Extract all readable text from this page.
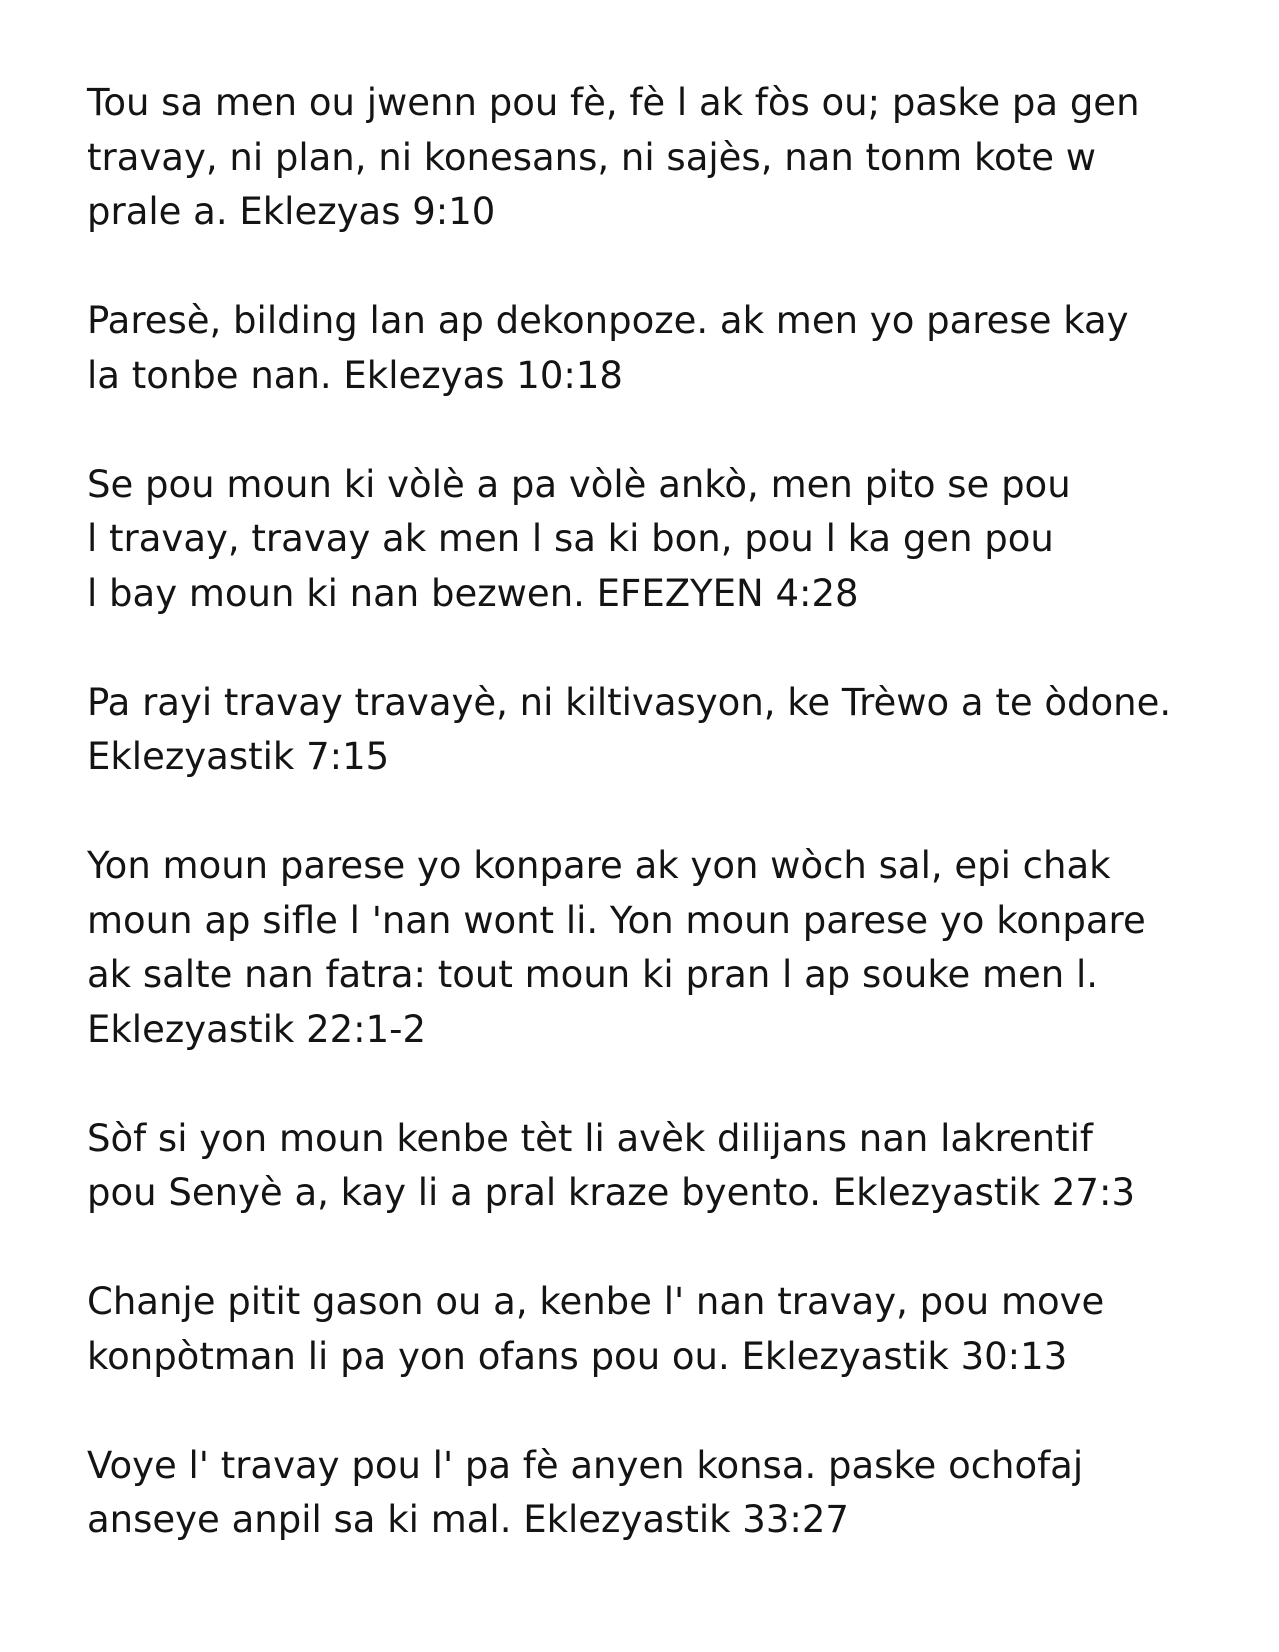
Tou sa men ou jwenn pou fè, fè l ak fòs ou; paske pa gen
travay, ni plan, ni konesans, ni sajès, nan tonm kote w
prale a. Eklezyas 9:10
Paresè, bilding lan ap dekonpoze. ak men yo parese kay
la tonbe nan. Eklezyas 10:18
Se pou moun ki vòlè a pa vòlè ankò, men pito se pou
l travay, travay ak men l sa ki bon, pou l ka gen pou
l bay moun ki nan bezwen. EFEZYEN 4:28
Pa rayi travay travayè, ni kiltivasyon, ke Trèwo a te òdone.
Eklezyastik 7:15
Yon moun parese yo konpare ak yon wòch sal, epi chak
moun ap sifle l 'nan wont li. Yon moun parese yo konpare
ak salte nan fatra: tout moun ki pran l ap souke men l.
Eklezyastik 22:1-2
Sòf si yon moun kenbe tèt li avèk dilijans nan lakrentif
pou Senyè a, kay li a pral kraze byento. Eklezyastik 27:3
Chanje pitit gason ou a, kenbe l' nan travay, pou move
konpòtman li pa yon ofans pou ou. Eklezyastik 30:13
Voye l' travay pou l' pa fè anyen konsa. paske ochofaj
anseye anpil sa ki mal. Eklezyastik 33:27
